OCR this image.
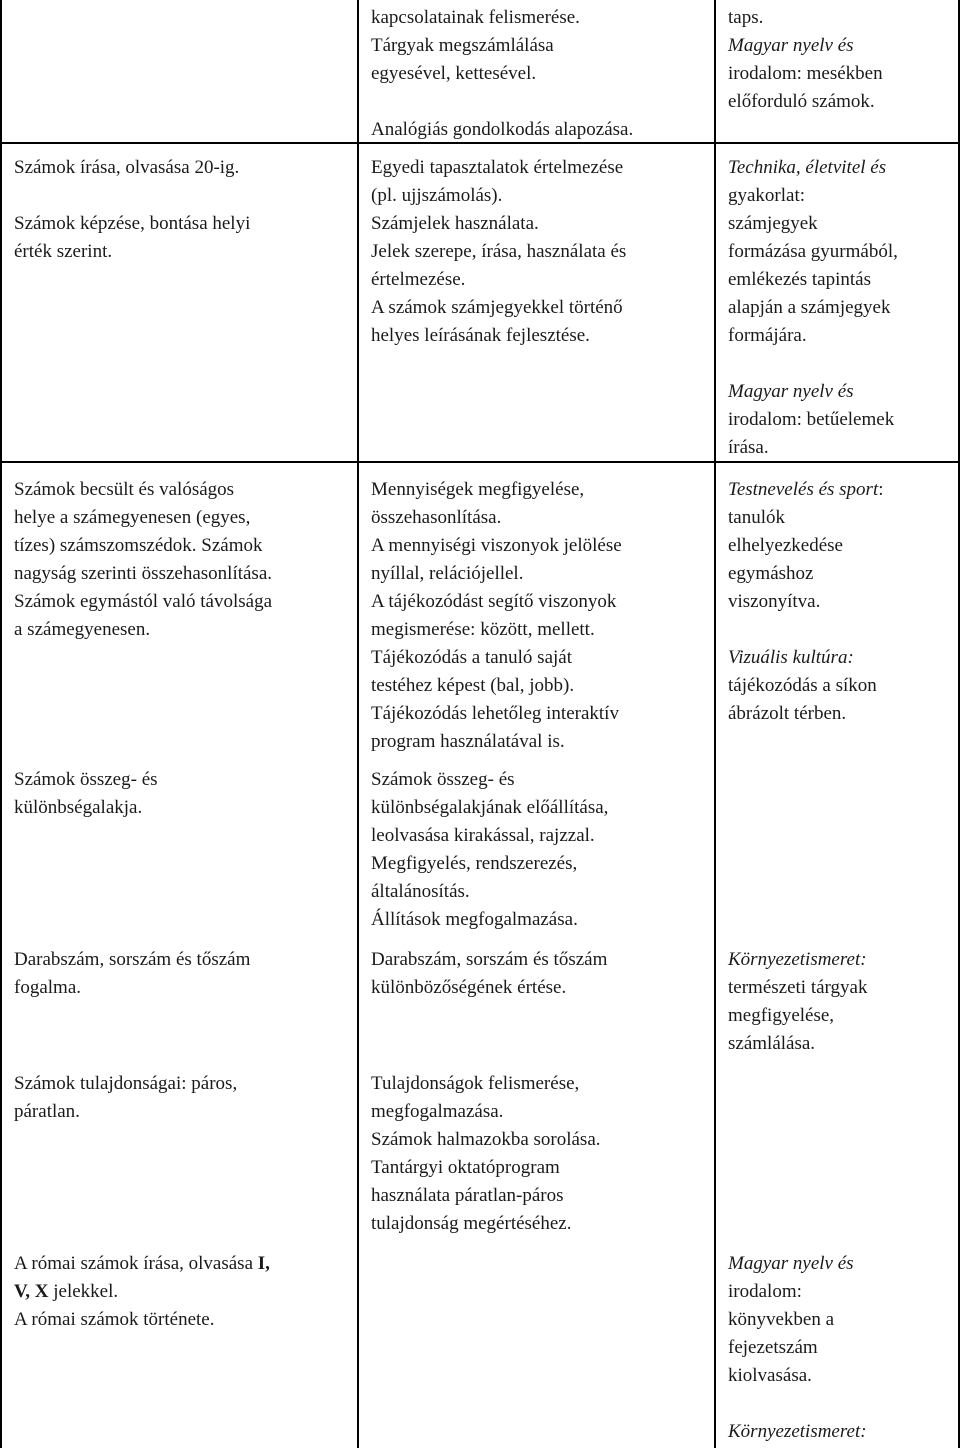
kapcsolatainak felismerése.

Tárgyak megszámlálása

egyesével, kettesével.

Analógiás gondolkodás alapozása.

taps.

Magyar nyelv és

irodalom: mesékben

előforduló számok.

Számok írása, olvasása 20-ig.

Számok képzése, bontása helyi

érték szerint.

Egyedi tapasztalatok értelmezése

(pl. ujjszámolás).

Számjelek használata.

Jelek szerepe, írása, használata és

értelmezése.

A számok számjegyekkel történő

helyes leírásának fejlesztése.

Technika, életvitel és

gyakorlat:

számjegyek

formázása gyurmából,

emlékezés tapintás

alapján a számjegyek

formájára.

Magyar nyelv és

irodalom: betűelemek

írása.

Számok becsült és valóságos

helye a számegyenesen (egyes,

tízes) számszomszédok. Számok

nagyság szerinti összehasonlítása.

Számok egymástól való távolsága

a számegyenesen.

Mennyiségek megfigyelése,

összehasonlítása.

A mennyiségi viszonyok jelölése

nyíllal, relációjellel.

A tájékozódást segítő viszonyok

megismerése: között, mellett.

Tájékozódás a tanuló saját

testéhez képest (bal, jobb).

Tájékozódás lehetőleg interaktív

program használatával is.

Testnevelés és sport:

tanulók

elhelyezkedése

egymáshoz

viszonyítva.

Vizuális kultúra:

tájékozódás a síkon

ábrázolt térben.

Számok összeg- és

különbségalakja.

Számok összeg- és

különbségalakjának előállítása,

leolvasása kirakással, rajzzal.

Megfigyelés, rendszerezés,

általánosítás.

Állítások megfogalmazása.

Darabszám, sorszám és tőszám

fogalma.

Darabszám, sorszám és tőszám

különbözőségének értése.

Környezetismeret:

természeti tárgyak

megfigyelése,

számlálása.

Számok tulajdonságai: páros,

páratlan.

Tulajdonságok felismerése,

megfogalmazása.

Számok halmazokba sorolása.

Tantárgyi oktatóprogram

használata páratlan-páros

tulajdonság megértéséhez.

A római számok írása, olvasása I,

V, X jelekkel.

A római számok története.

Magyar nyelv és

irodalom:

könyvekben a

fejezetszám

kiolvasása.

Környezetismeret:
